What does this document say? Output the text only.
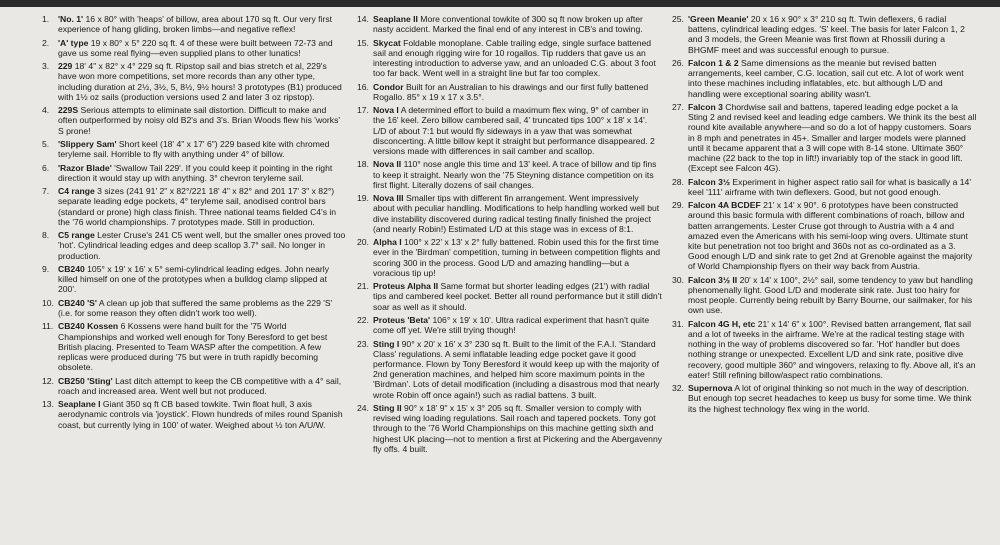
1.	'No. 1' 16 x 80° with 'heaps' of billow, area about 170 sq ft. Our very first experience of hang gliding, broken limbs—and negative reflex!
2.	'A' type 19 x 80° x 5° 220 sq ft. 4 of these were built between 72-73 and gave us some real flying—even supplied plans to other lunatics!
3.	229 18' 4" x 82° x 4° 229 sq ft. Ripstop sail and bias stretch et al, 229's have won more competitions, set more records than any other type, including duration at 2½, 3½, 5, 8½, 9½ hours! 3 prototypes (B1) produced with 1½ oz sails (production versions used 2 and later 3 oz ripstop).
4.	229S Serious attempts to eliminate sail distortion. Difficult to make and often outperformed by noisy old B2's and 3's. Brian Woods flew his 'works' S prone!
5.	'Slippery Sam' Short keel (18' 4" x 17' 6") 229 based kite with chromed teryleme sail. Horrible to fly with anything under 4° of billow.
6.	'Razor Blade' 'Swallow Tail 229'. If you could keep it pointing in the right direction it would stay up with anything. 3° chevron teryleme sail.
7.	C4 range 3 sizes (241 91' 2" x 82°/221 18' 4" x 82° and 201 17' 3" x 82°) separate leading edge pockets, 4° teryleme sail, anodised control bars (standard or prone) high class finish. Three national teams fielded C4's in the '76 world championships. 7 prototypes made. Still in production.
8.	C5 range Lester Cruse's 241 C5 went well, but the smaller ones proved too 'hot'. Cylindrical leading edges and deep scallop 3.7° sail. No longer in production.
9.	CB240 105° x 19' x 16' x 5° semi-cylindrical leading edges. John nearly killed himself on one of the prototypes when a bulldog clamp slipped at 200'.
10. CB240 'S' A clean up job that suffered the same problems as the 229 'S' (i.e. for some reason they often didn't work too well).
11. CB240 Kossen 6 Kossens were hand built for the '75 World Championships and worked well enough for Tony Beresford to get best British placing. Presented to Team WASP after the competition. A few replicas were produced during '75 but were in truth rapidly becoming obsolete.
12. CB250 'Sting' Last ditch attempt to keep the CB competitive with a 4° sail, roach and increased area. Went well but not produced.
13. Seaplane I Giant 350 sq ft CB based towkite. Twin float hull, 3 axis aerodynamic controls via 'joystick'. Flown hundreds of miles round Spanish coast, but currently lying in 100' of water. Weighed about ½ ton A/U/W.
14. Seaplane II More conventional towkite of 300 sq ft now broken up after nasty accident. Marked the final end of any interest in CB's and towing.
15. Skycat Foldable monoplane. Cable trailing edge, single surface battened sail and enough rigging wire for 10 rogallos. Tip rudders that gave us an interesting introduction to adverse yaw, and an unloaded C.G. about 3 foot too far back. Went well in a straight line but far too complex.
16. Condor Built for an Australian to his drawings and our first fully battened Rogallo. 85° x 19 x 17 x 3.5°.
17. Nova I A determined effort to build a maximum flex wing, 9° of camber in the 16' keel. Zero billow cambered sail, 4' truncated tips 100° x 18' x 14'. L/D of about 7:1 but would fly sideways in a yaw that was somewhat disconcerting. A little billow kept it straight but performance disappeared. 2 versions made with differences in sail camber and scallop.
18. Nova II 110° nose angle this time and 13' keel. A trace of billow and tip fins to keep it straight. Nearly won the '75 Steyning distance competition on its first flight. Literally dozens of sail changes.
19. Nova III Smaller tips with different fin arrangement. Went impressively about with peculiar handling. Modifications to help handling worked well but dive instability discovered during radical testing finally finished the project (and nearly Robin!) Estimated L/D at this stage was in excess of 8:1.
20. Alpha I 100° x 22' x 13' x 2° fully battened. Robin used this for the first time ever in the 'Birdman' competition, turning in between competition flights and scoring 300 in the process. Good L/D and amazing handling—but a voracious tip up!
21. Proteus Alpha II Same format but shorter leading edges (21') with radial tips and cambered keel pocket. Better all round performance but it still didn't soar as well as it should.
22. Proteus 'Beta' 106° x 19' x 10'. Ultra radical experiment that hasn't quite come off yet. We're still trying though!
23. Sting I 90° x 20' x 16' x 3° 230 sq ft. Built to the limit of the F.A.I. 'Standard Class' regulations. A semi inflatable leading edge pocket gave it good performance. Flown by Tony Beresford it would keep up with the majority of 2nd generation machines, and helped him score maximum points in the 'Birdman'. Lots of detail modification (including a disastrous mod that nearly wrote Robin off once again!) such as radial battens. 3 built.
24. Sting II 90° x 18' 9" x 15' x 3° 205 sq ft. Smaller version to comply with revised wing loading regulations. Sail roach and tapered pockets. Tony got through to the '76 World Championships on this machine getting sixth and highest UK placing—not to mention a first at Pickering and the Abergavenny fly offs. 4 built.
25. 'Green Meanie' 20 x 16 x 90° x 3° 210 sq ft. Twin deflexers, 6 radial battens, cylindrical leading edges. 'S' keel. The basis for later Falcon 1, 2 and 3 models, the Green Meanie was first flown at Rhossili during a BHGMF meet and was successful enough to pursue.
26. Falcon 1 & 2 Same dimensions as the meanie but revised batten arrangements, keel camber, C.G. location, sail cut etc. A lot of work went into these machines including inflatables, etc. but although L/D and handling were exceptional soaring ability wasn't.
27. Falcon 3 Chordwise sail and battens, tapered leading edge pocket a la Sting 2 and revised keel and leading edge cambers. We think its the best all round kite available anywhere—and so do a lot of happy customers. Soars in 8 mph and penetrates in 45+. Smaller and larger models were planned until it became apparent that a 3 will cope with 8-14 stone. Ultimate 360° machine (22 back to the top in lift!) invariably top of the stack in good lift. (Except see Falcon 4G).
28. Falcon 3½ Experiment in higher aspect ratio sail for what is basically a 14' keel '111' airframe with twin deflexers. Good, but not good enough.
29. Falcon 4A BCDEF 21' x 14' x 90°. 6 prototypes have been constructed around this basic formula with different combinations of roach, billow and batten arrangements. Lester Cruse got through to Austria with a 4 and amazed even the Americans with his semi-loop wing overs. Ultimate stunt kite but penetration not too bright and 360s not as co-ordinated as a 3. Good enough L/D and sink rate to get 2nd at Grenoble against the majority of World Championship flyers on their way back from Austria.
30. Falcon 3½ II 20' x 14' x 100°, 2½° sail, some tendency to yaw but handling phenomenally light. Good L/D and moderate sink rate. Just too hairy for most people. Currently being rebuilt by Barry Bourne, our sailmaker, for his own use.
31. Falcon 4G H, etc 21' x 14' 6" x 100°. Revised batten arrangement, flat sail and a lot of tweeks in the airframe. We're at the radical testing stage with nothing in the way of problems discovered so far. 'Hot' handler but does nothing strange or unexpected. Excellent L/D and sink rate, positive dive recovery, good multiple 360° and wingovers, relaxing to fly. Above all, it's an eater! Still refining billow/aspect ratio combinations.
32. Supernova A lot of original thinking so not much in the way of description. But enough top secret headaches to keep us busy for some time. We think its the highest technology flex wing in the world.
